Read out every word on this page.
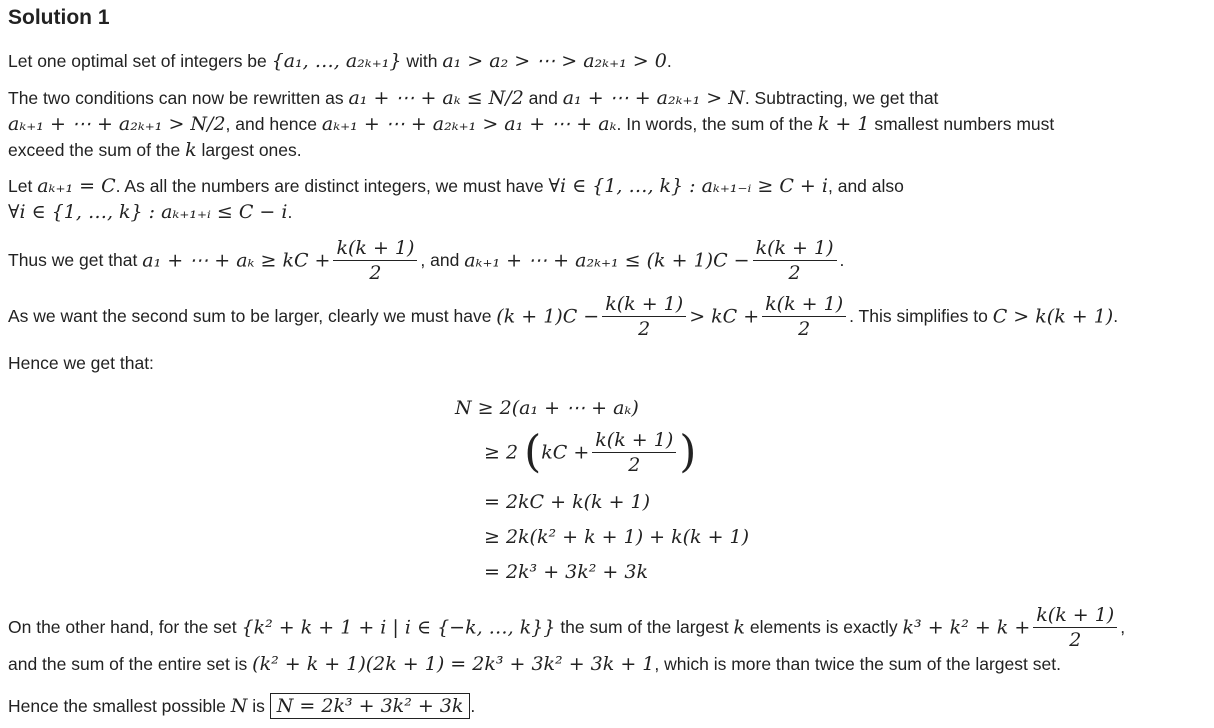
Solution 1
Let one optimal set of integers be {a₁, …, a₂ₖ₊₁} with a₁ > a₂ > ⋯ > a₂ₖ₊₁ > 0.
The two conditions can now be rewritten as a₁ + ⋯ + aₖ ≤ N/2 and a₁ + ⋯ + a₂ₖ₊₁ > N. Subtracting, we get that
aₖ₊₁ + ⋯ + a₂ₖ₊₁ > N/2, and hence aₖ₊₁ + ⋯ + a₂ₖ₊₁ > a₁ + ⋯ + aₖ. In words, the sum of the k + 1 smallest numbers must
exceed the sum of the k largest ones.
Let aₖ₊₁ = C. As all the numbers are distinct integers, we must have ∀i ∈ {1, …, k} : aₖ₊₁₋ᵢ ≥ C + i, and also
∀i ∈ {1, …, k} : aₖ₊₁₊ᵢ ≤ C − i.
Thus we get that a₁ + ⋯ + aₖ ≥ kC + $\frac{k(k + 1)}{2}$ , and aₖ₊₁ + ⋯ + $a_{2k+1} \le (k + 1)C - \frac{k(k + 1)}{2}$ .
As we want the second sum to be larger, clearly we must have $(k + 1)C - \frac{k(k + 1)}{2}$ > kC + $\frac{k(k + 1)}{2}$ . This simplifies to C > k(k + 1).
Hence we get that:
N ≥ 2(a₁ + ⋯ + aₖ)
≥ 2 ($kC + \frac{k(k + 1)}{2}$ )
= 2kC + k(k + 1)
≥ 2k(k² + k + 1) + k(k + 1)
= 2k³ + 3k² + 3k
On the other hand, for the set {k² + k + 1 + i | i ∈ {−k, …, k}} the sum of the largest k elements is exactly $k^3 + k^2 + k + \frac{k(k + 1)}{2}$ ,
and the sum of the entire set is (k² + k + 1)(2k + 1) = 2k³ + 3k² + 3k + 1, which is more than twice the sum of the largest set.
Hence the smallest possible N is N = 2k³ + 3k² + 3k .
